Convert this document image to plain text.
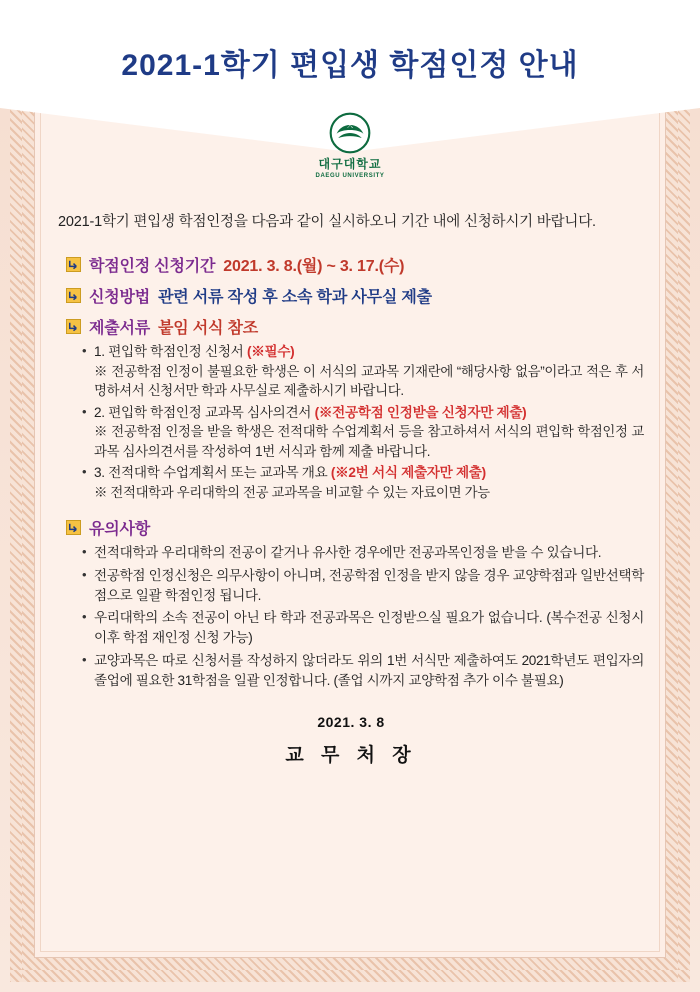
2021-1학기 편입생 학점인정 안내
大
대구대학교
DAEGU UNIVERSITY
2021-1학기 편입생 학점인정을 다음과 같이 실시하오니 기간 내에 신청하시기 바랍니다.
학점인정 신청기간 2021. 3. 8.(월) ~ 3. 17.(수)
신청방법 관련 서류 작성 후 소속 학과 사무실 제출
제출서류 붙임 서식 참조
• 1. 편입학 학점인정 신청서 (※필수)
※ 전공학점 인정이 불필요한 학생은 이 서식의 교과목 기재란에 “해당사항 없음”이라고 적은 후 서명하셔서 신청서만 학과 사무실로 제출하시기 바랍니다.
• 2. 편입학 학점인정 교과목 심사의견서 (※전공학점 인정받을 신청자만 제출)
※ 전공학점 인정을 받을 학생은 전적대학 수업계획서 등을 참고하셔서 서식의 편입학 학점인정 교과목 심사의견서를 작성하여 1번 서식과 함께 제출 바랍니다.
• 3. 전적대학 수업계획서 또는 교과목 개요 (※2번 서식 제출자만 제출)
※ 전적대학과 우리대학의 전공 교과목을 비교할 수 있는 자료이면 가능
유의사항
• 전적대학과 우리대학의 전공이 같거나 유사한 경우에만 전공과목인정을 받을 수 있습니다.
• 전공학점 인정신청은 의무사항이 아니며, 전공학점 인정을 받지 않을 경우 교양학점과 일반선택학점으로 일괄 학점인정 됩니다.
• 우리대학의 소속 전공이 아닌 타 학과 전공과목은 인정받으실 필요가 없습니다. (복수전공 신청시 이후 학점 재인정 신청 가능)
• 교양과목은 따로 신청서를 작성하지 않더라도 위의 1번 서식만 제출하여도 2021학년도 편입자의 졸업에 필요한 31학점을 일괄 인정합니다. (졸업 시까지 교양학점 추가 이수 불필요)
2021. 3. 8
교 무 처 장
